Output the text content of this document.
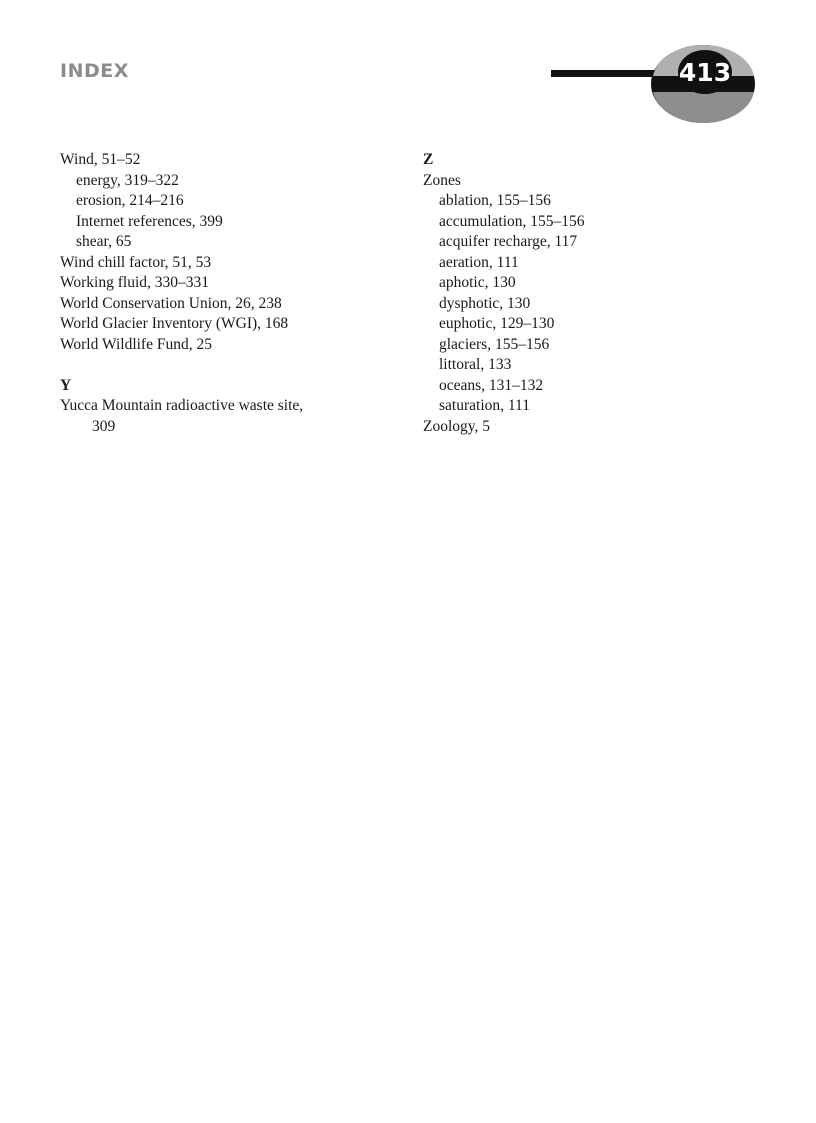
INDEX	413

Wind, 51–52

energy, 319–322

erosion, 214–216

Internet references, 399

shear, 65

Wind chill factor, 51, 53

Working fluid, 330–331

World Conservation Union, 26, 238

World Glacier Inventory (WGI), 168

World Wildlife Fund, 25

Y

Yucca Mountain radioactive waste site,
309

Z

Zones

ablation, 155–156

accumulation, 155–156

acquifer recharge, 117

aeration, 111

aphotic, 130

dysphotic, 130

euphotic, 129–130

glaciers, 155–156

littoral, 133

oceans, 131–132

saturation, 111

Zoology, 5
